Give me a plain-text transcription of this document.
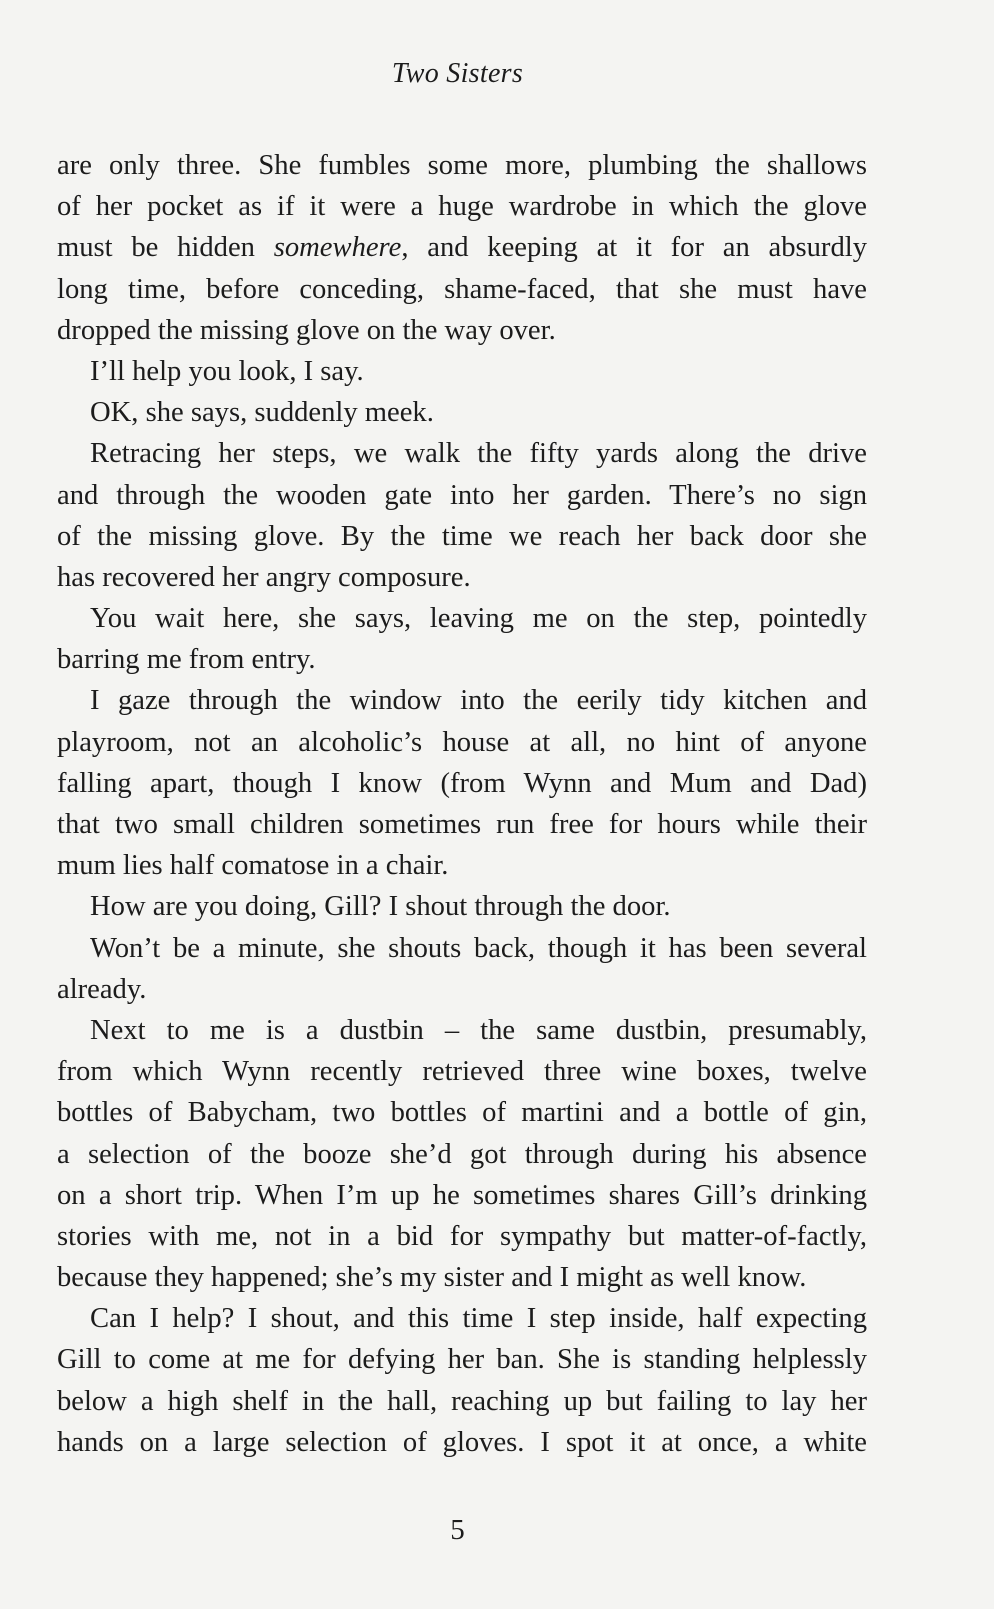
Two Sisters
are only three. She fumbles some more, plumbing the shallows
of her pocket as if it were a huge wardrobe in which the glove
must be hidden somewhere, and keeping at it for an absurdly
long time, before conceding, shame-faced, that she must have
dropped the missing glove on the way over.
I’ll help you look, I say.
OK, she says, suddenly meek.
Retracing her steps, we walk the fifty yards along the drive
and through the wooden gate into her garden. There’s no sign
of the missing glove. By the time we reach her back door she
has recovered her angry composure.
You wait here, she says, leaving me on the step, pointedly
barring me from entry.
I gaze through the window into the eerily tidy kitchen and
playroom, not an alcoholic’s house at all, no hint of anyone
falling apart, though I know (from Wynn and Mum and Dad)
that two small children sometimes run free for hours while their
mum lies half comatose in a chair.
How are you doing, Gill? I shout through the door.
Won’t be a minute, she shouts back, though it has been several
already.
Next to me is a dustbin – the same dustbin, presumably,
from which Wynn recently retrieved three wine boxes, twelve
bottles of Babycham, two bottles of martini and a bottle of gin,
a selection of the booze she’d got through during his absence
on a short trip. When I’m up he sometimes shares Gill’s drinking
stories with me, not in a bid for sympathy but matter-of-factly,
because they happened; she’s my sister and I might as well know.
Can I help? I shout, and this time I step inside, half expecting
Gill to come at me for defying her ban. She is standing helplessly
below a high shelf in the hall, reaching up but failing to lay her
hands on a large selection of gloves. I spot it at once, a white
5
